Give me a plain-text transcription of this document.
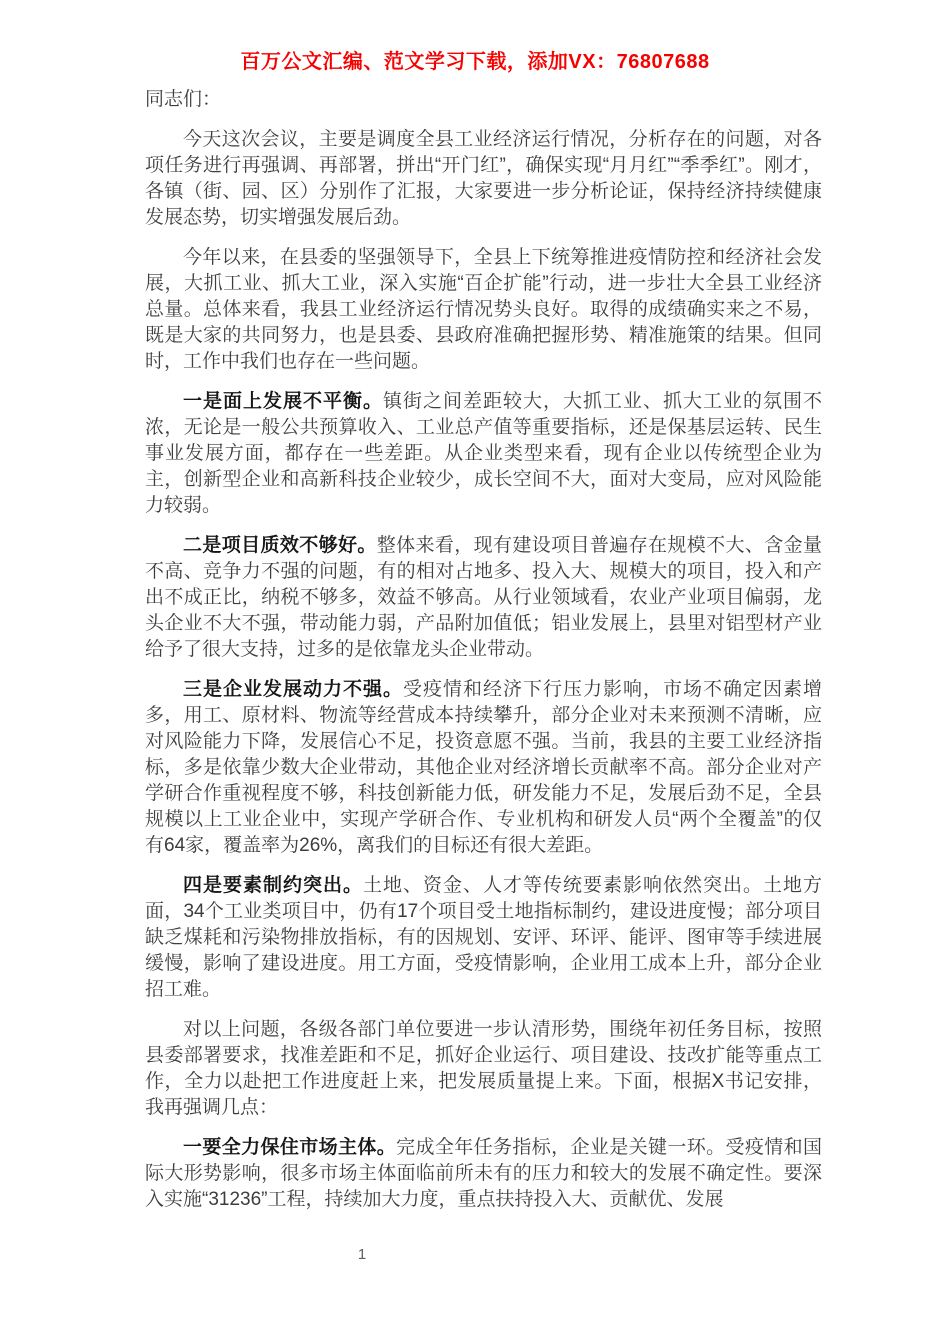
百万公文汇编、范文学习下载，添加VX：76807688

同志们：

今天这次会议，主要是调度全县工业经济运行情况，分析存在的问题，对各项任务进行再强调、再部署，拼出“开门红”，确保实现“月月红”“季季红”。刚才，各镇（街、园、区）分别作了汇报，大家要进一步分析论证，保持经济持续健康发展态势，切实增强发展后劲。

今年以来，在县委的坚强领导下，全县上下统筹推进疫情防控和经济社会发展，大抓工业、抓大工业，深入实施“百企扩能”行动，进一步壮大全县工业经济总量。总体来看，我县工业经济运行情况势头良好。取得的成绩确实来之不易，既是大家的共同努力，也是县委、县政府准确把握形势、精准施策的结果。但同时，工作中我们也存在一些问题。

一是面上发展不平衡。镇街之间差距较大，大抓工业、抓大工业的氛围不浓，无论是一般公共预算收入、工业总产值等重要指标，还是保基层运转、民生事业发展方面，都存在一些差距。从企业类型来看，现有企业以传统型企业为主，创新型企业和高新科技企业较少，成长空间不大，面对大变局，应对风险能力较弱。

二是项目质效不够好。整体来看，现有建设项目普遍存在规模不大、含金量不高、竞争力不强的问题，有的相对占地多、投入大、规模大的项目，投入和产出不成正比，纳税不够多，效益不够高。从行业领域看，农业产业项目偏弱，龙头企业不大不强，带动能力弱，产品附加值低；铝业发展上，县里对铝型材产业给予了很大支持，过多的是依靠龙头企业带动。

三是企业发展动力不强。受疫情和经济下行压力影响，市场不确定因素增多，用工、原材料、物流等经营成本持续攀升，部分企业对未来预测不清晰，应对风险能力下降，发展信心不足，投资意愿不强。当前，我县的主要工业经济指标，多是依靠少数大企业带动，其他企业对经济增长贡献率不高。部分企业对产学研合作重视程度不够，科技创新能力低，研发能力不足，发展后劲不足，全县规模以上工业企业中，实现产学研合作、专业机构和研发人员“两个全覆盖”的仅有64家，覆盖率为26%，离我们的目标还有很大差距。

四是要素制约突出。土地、资金、人才等传统要素影响依然突出。土地方面，34个工业类项目中，仍有17个项目受土地指标制约，建设进度慢；部分项目缺乏煤耗和污染物排放指标，有的因规划、安评、环评、能评、图审等手续进展缓慢，影响了建设进度。用工方面，受疫情影响，企业用工成本上升，部分企业招工难。

对以上问题，各级各部门单位要进一步认清形势，围绕年初任务目标，按照县委部署要求，找准差距和不足，抓好企业运行、项目建设、技改扩能等重点工作，全力以赴把工作进度赶上来，把发展质量提上来。下面，根据X书记安排，我再强调几点：

一要全力保住市场主体。完成全年任务指标，企业是关键一环。受疫情和国际大形势影响，很多市场主体面临前所未有的压力和较大的发展不确定性。要深入实施“31236”工程，持续加大力度，重点扶持投入大、贡献优、发展

1
